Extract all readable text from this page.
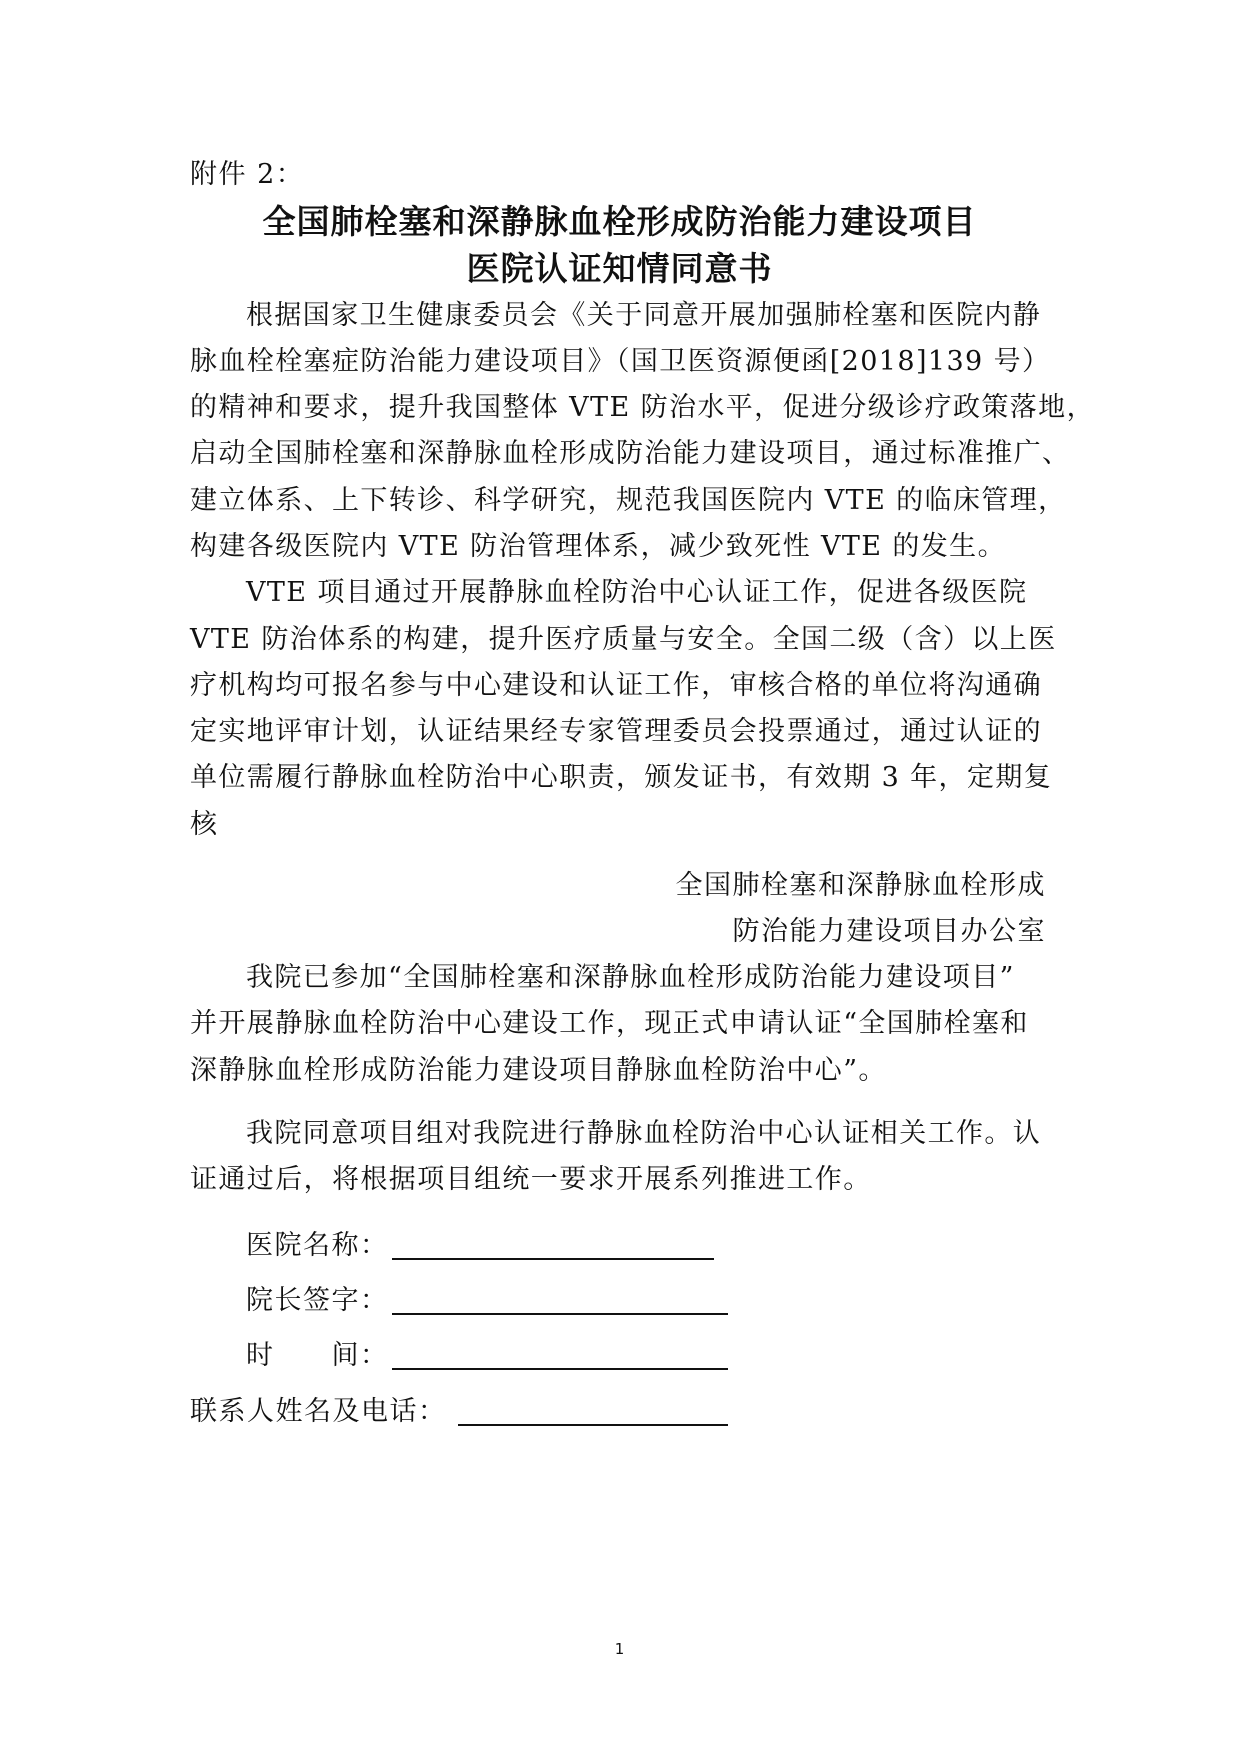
附件 2：
全国肺栓塞和深静脉血栓形成防治能力建设项目
医院认证知情同意书
根据国家卫生健康委员会《关于同意开展加强肺栓塞和医院内静
脉血栓栓塞症防治能力建设项目》（国卫医资源便函[2018]139 号）
的精神和要求，提升我国整体 VTE 防治水平，促进分级诊疗政策落地，
启动全国肺栓塞和深静脉血栓形成防治能力建设项目，通过标准推广、
建立体系、上下转诊、科学研究，规范我国医院内 VTE 的临床管理，
构建各级医院内 VTE 防治管理体系，减少致死性 VTE 的发生。
VTE 项目通过开展静脉血栓防治中心认证工作，促进各级医院
VTE 防治体系的构建，提升医疗质量与安全。全国二级（含）以上医
疗机构均可报名参与中心建设和认证工作，审核合格的单位将沟通确
定实地评审计划，认证结果经专家管理委员会投票通过，通过认证的
单位需履行静脉血栓防治中心职责，颁发证书，有效期 3 年，定期复
核
全国肺栓塞和深静脉血栓形成
防治能力建设项目办公室
我院已参加“全国肺栓塞和深静脉血栓形成防治能力建设项目”
并开展静脉血栓防治中心建设工作，现正式申请认证“全国肺栓塞和
深静脉血栓形成防治能力建设项目静脉血栓防治中心”。
我院同意项目组对我院进行静脉血栓防治中心认证相关工作。认
证通过后，将根据项目组统一要求开展系列推进工作。
医院名称：
院长签字：
时　　间：
联系人姓名及电话：
1
